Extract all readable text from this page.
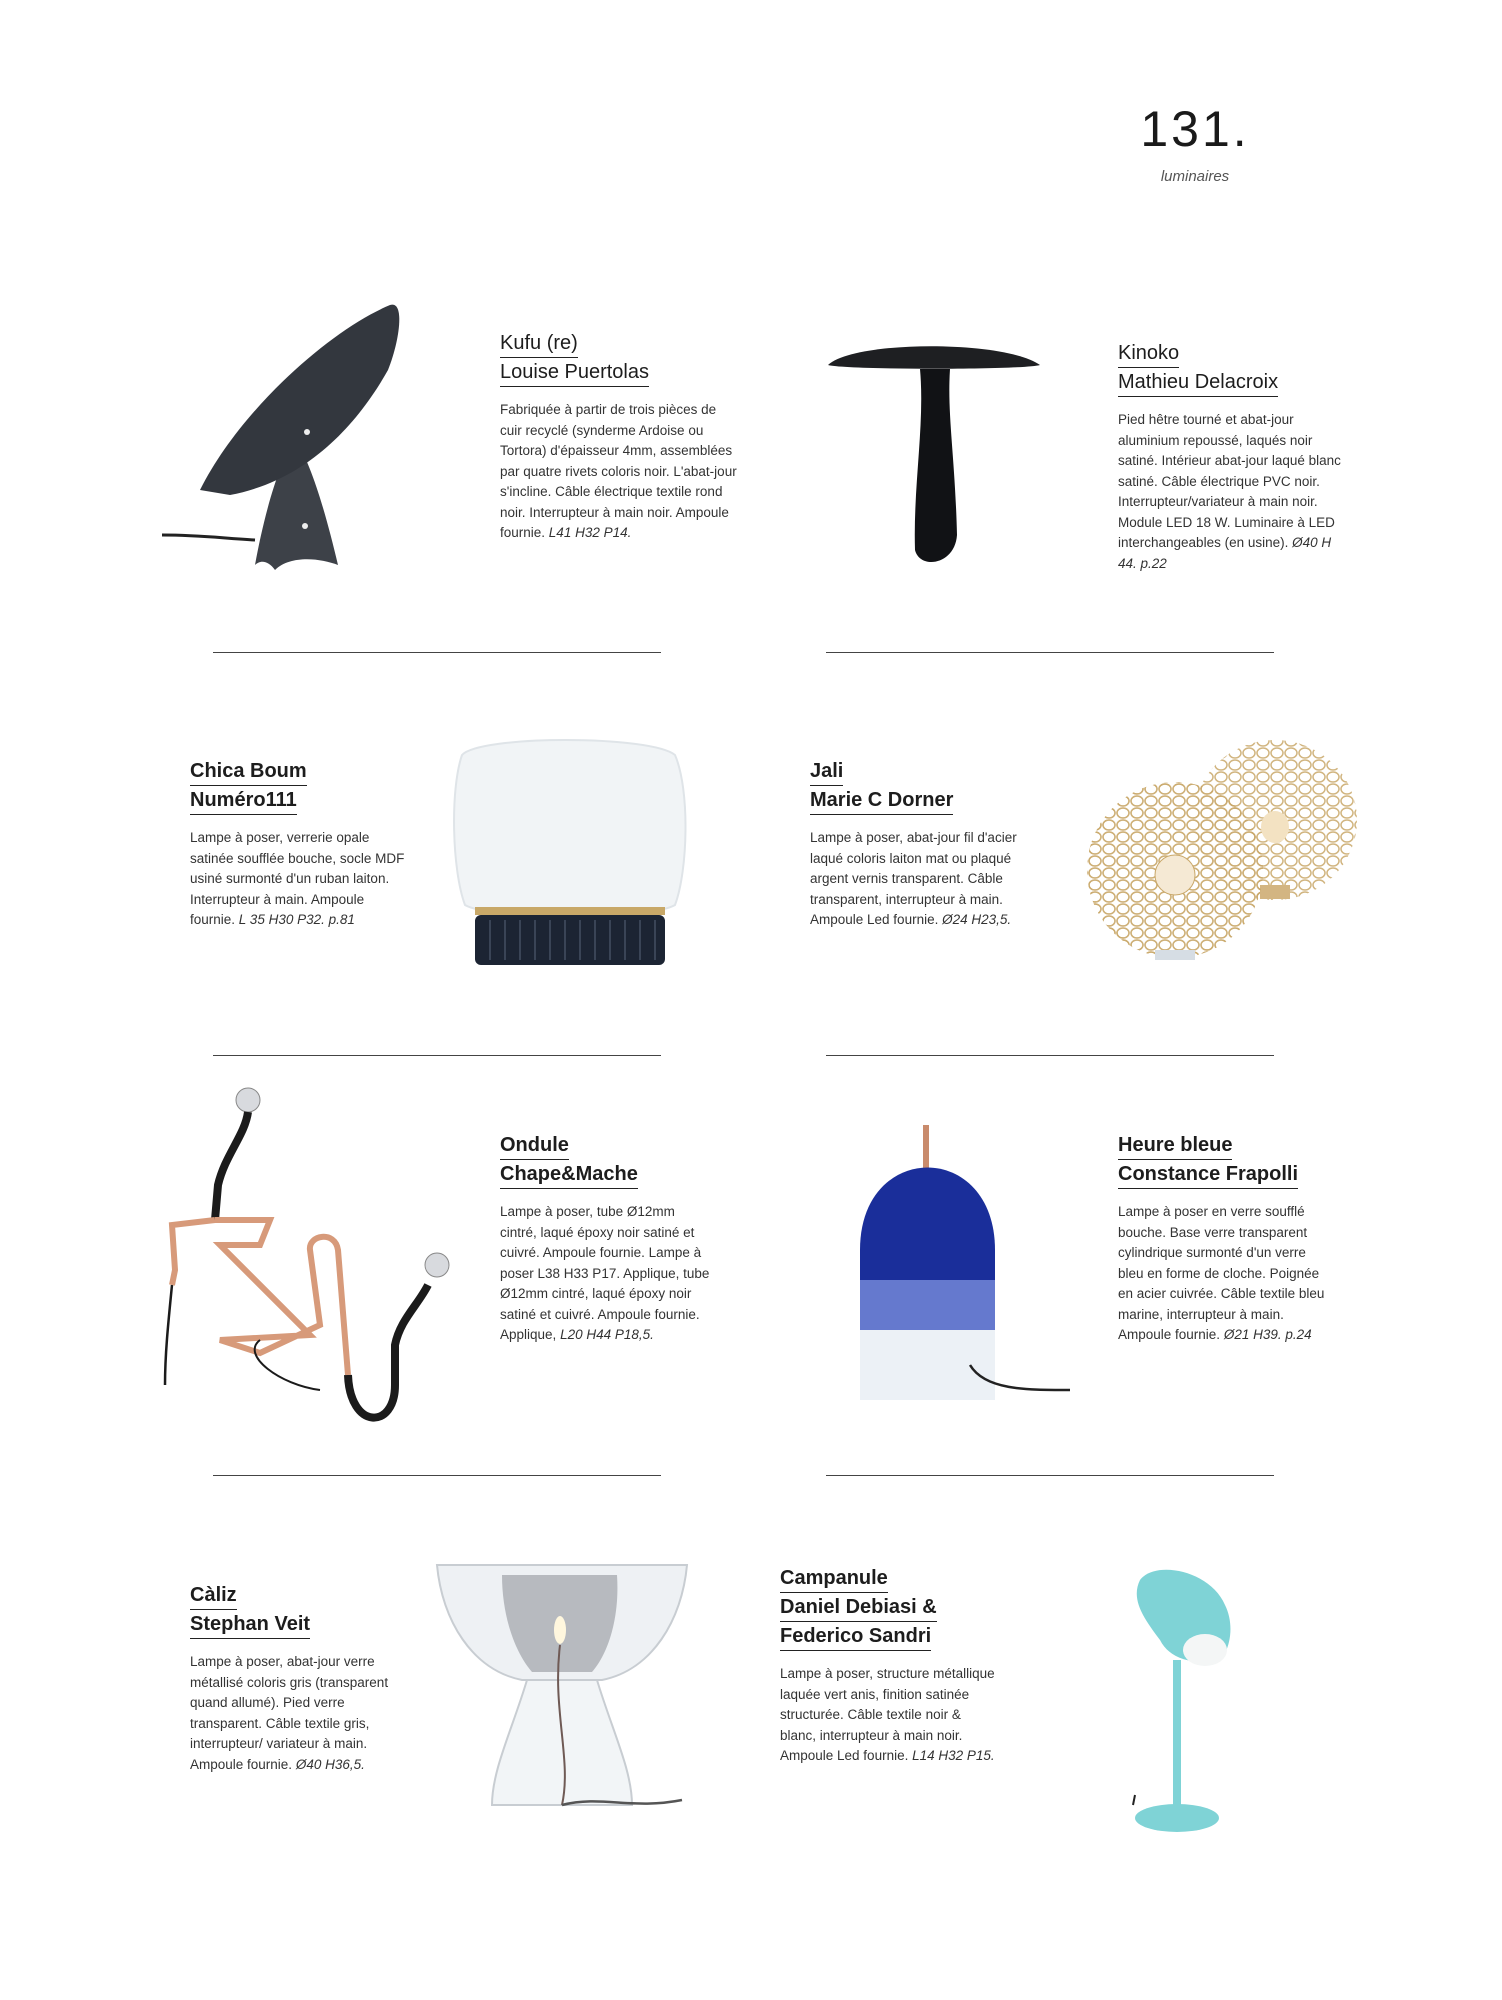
131.
luminaires
Kufu (re)
Louise Puertolas
Fabriquée à partir de trois pièces de cuir recyclé (synderme Ardoise ou Tortora) d'épaisseur 4mm, assemblées par quatre rivets coloris noir. L'abat-jour s'incline. Câble électrique textile rond noir. Interrupteur à main noir. Ampoule fournie. L41 H32 P14.
Kinoko
Mathieu Delacroix
Pied hêtre tourné et abat-jour aluminium repoussé, laqués noir satiné. Intérieur abat-jour laqué blanc satiné. Câble électrique PVC noir. Interrupteur/variateur à main noir. Module LED 18 W. Luminaire à LED interchangeables (en usine). Ø40 H 44. p.22
Chica Boum
Numéro111
Lampe à poser, verrerie opale satinée soufflée bouche, socle MDF usiné surmonté d'un ruban laiton. Interrupteur à main. Ampoule fournie. L 35 H30 P32. p.81
Jali
Marie C Dorner
Lampe à poser, abat-jour fil d'acier laqué coloris laiton mat ou plaqué argent vernis transparent. Câble transparent, interrupteur à main. Ampoule Led fournie. Ø24 H23,5.
Ondule
Chape&Mache
Lampe à poser, tube Ø12mm cintré, laqué époxy noir satiné et cuivré. Ampoule fournie. Lampe à poser L38 H33 P17. Applique, tube Ø12mm cintré, laqué époxy noir satiné et cuivré. Ampoule fournie. Applique, L20 H44 P18,5.
Heure bleue
Constance Frapolli
Lampe à poser en verre soufflé bouche. Base verre transparent cylindrique surmonté d'un verre bleu en forme de cloche. Poignée en acier cuivrée. Câble textile bleu marine, interrupteur à main. Ampoule fournie. Ø21 H39. p.24
Càliz
Stephan Veit
Lampe à poser, abat-jour verre métallisé coloris gris (transparent quand allumé). Pied verre transparent. Câble textile gris, interrupteur/ variateur à main. Ampoule fournie. Ø40 H36,5.
Campanule
Daniel Debiasi &
Federico Sandri
Lampe à poser, structure métallique laquée vert anis, finition satinée structurée. Câble textile noir & blanc, interrupteur à main noir. Ampoule Led fournie. L14 H32 P15.
